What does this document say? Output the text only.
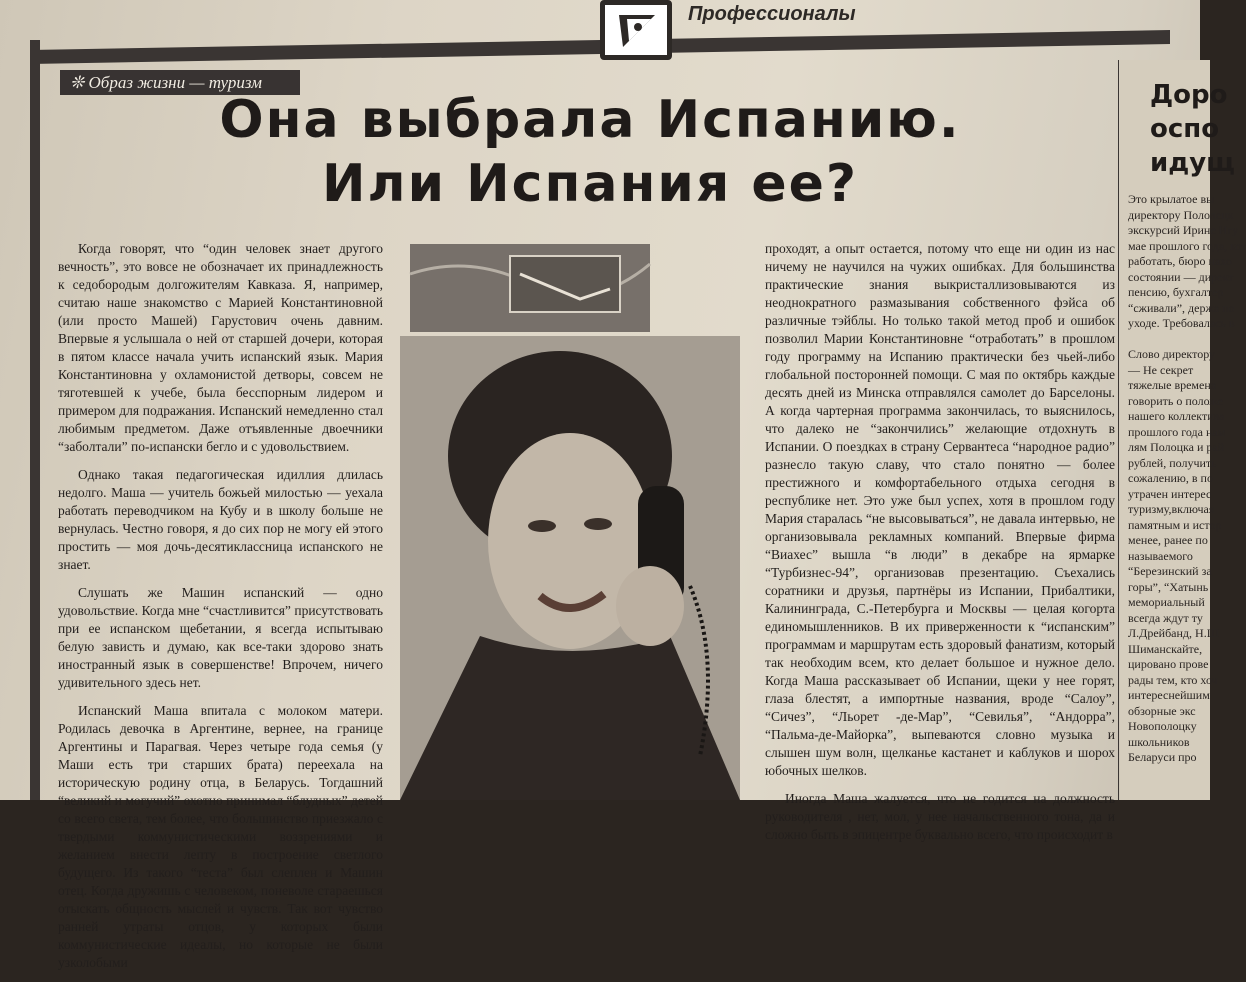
Профессионалы
❊ Образ жизни — туризм
Она выбрала Испанию.
Или Испания ее?

Когда говорят, что “один человек знает другого вечность”, это вовсе не обозначает их принадлежность к седобородым долгожителям Кавказа. Я, например, считаю наше знакомство с Марией Константиновной (или просто Машей) Гарустович очень давним. Впервые я услышала о ней от старшей дочери, которая в пятом классе начала учить испанский язык. Мария Константиновна у охламонистой детворы, совсем не тяготевшей к учебе, была бесспорным лидером и примером для подражания. Испанский немедленно стал любимым предметом. Даже отъявленные двоечники “заболтали” по-испански бегло и с удовольствием.

Однако такая педагогическая идиллия длилась недолго. Маша — учитель божьей милостью — уехала работать переводчиком на Кубу и в школу больше не вернулась. Честно говоря, я до сих пор не могу ей этого простить — моя дочь-десятиклассница испанского не знает.

Слушать же Машин испанский — одно удовольствие. Когда мне “счастливится” присутствовать при ее испанском щебетании, я всегда испытываю белую зависть и думаю, как все-таки здорово знать иностранный язык в совершенстве! Впрочем, ничего удивительного здесь нет.

Испанский Маша впитала с молоком матери. Родилась девочка в Аргентине, вернее, на границе Аргентины и Парагвая. Через четыре года семья (у Маши есть три старших брата) переехала на историческую родину отца, в Беларусь. Тогдашний “великий и могучий” охотно принимал “блудных” детей со всего света, тем более, что большинство приезжало с твердыми коммунистическими воззрениями и желанием внести лепту в построение светлого будущего. Из такого “теста” был слеплен и Машин отец. Когда дружишь с человеком, поневоле стараешься отыскать общность мыслей и чувств. Так вот чувство ранней утраты отцов, у которых были коммунистические идеалы, но которые не были узколобыми

проходят, а опыт остается, потому что еще ни один из нас ничему не научился на чужих ошибках. Для большинства практические знания выкристаллизовываются из неоднократного размазывания собственного фэйса об различные тэйблы. Но только такой метод проб и ошибок позволил Марии Константиновне “отработать” в прошлом году программу на Испанию практически без чьей-либо глобальной посторонней помощи. С мая по октябрь каждые десять дней из Минска отправлялся самолет до Барселоны. А когда чартерная программа закончилась, то выяснилось, что далеко не “закончились” желающие отдохнуть в Испании. О поездках в страну Сервантеса “народное радио” разнесло такую славу, что стало понятно — более престижного и комфортабельного отдыха сегодня в республике нет. Это уже был успех, хотя в прошлом году Мария старалась “не высовываться”, не давала интервью, не организовывала рекламных компаний. Впервые фирма “Виахес” вышла “в люди” в декабре на ярмарке “Турбизнес-94”, организовав презентацию. Съехались соратники и друзья, партнёры из Испании, Прибалтики, Калининграда, С.-Петербурга и Москвы — целая когорта единомышленников. В их приверженности к “испанским” программам и маршрутам есть здоровый фанатизм, который так необходим всем, кто делает большое и нужное дело. Когда Маша рассказывает об Испании, щеки у нее горят, глаза блестят, а импортные названия, вроде “Салоу”, “Сичез”, “Льорет -де-Мар”, “Севилья”, “Андорра”, “Пальма-де-Майорка”, выпеваются словно музыка и слышен шум волн, щелканье кастанет и каблуков и шорох юбочных шелков.

Иногда Маша жалуется, что не годится на должность руководителя , нет, мол, у нее начальственного тона, да и сложно быть в эпицентре буквально всего, что происходит в

Доро
оспо
идущ
Это крылатое вы
директору Пололецк
экскурсий Ирине Игу
мае прошлого года, кот
работать, бюро нахо
состоянии — директ
пенсию, бухгалтер
“сживали”, держа по
уходе. Требовалась в

Слово директору
— Не секрет
тяжелые времена
говорить о положе
нашего коллектива
прошлого года нам
лям Полоцка и рай
рублей, получить
сожалению, в по
утрачен интерес
туризму,включая
памятным и истор
менее, ранее по
называемого
“Березинский за
горы”, “Хатынь
мемориальный
всегда ждут ту
Л.Дрейбанд, Н.Ш
Шиманскайте,
цировано прове
рады тем, кто хоч
интереснейшим
обзорные экс
Новополоцку
школьников
Беларуси про
